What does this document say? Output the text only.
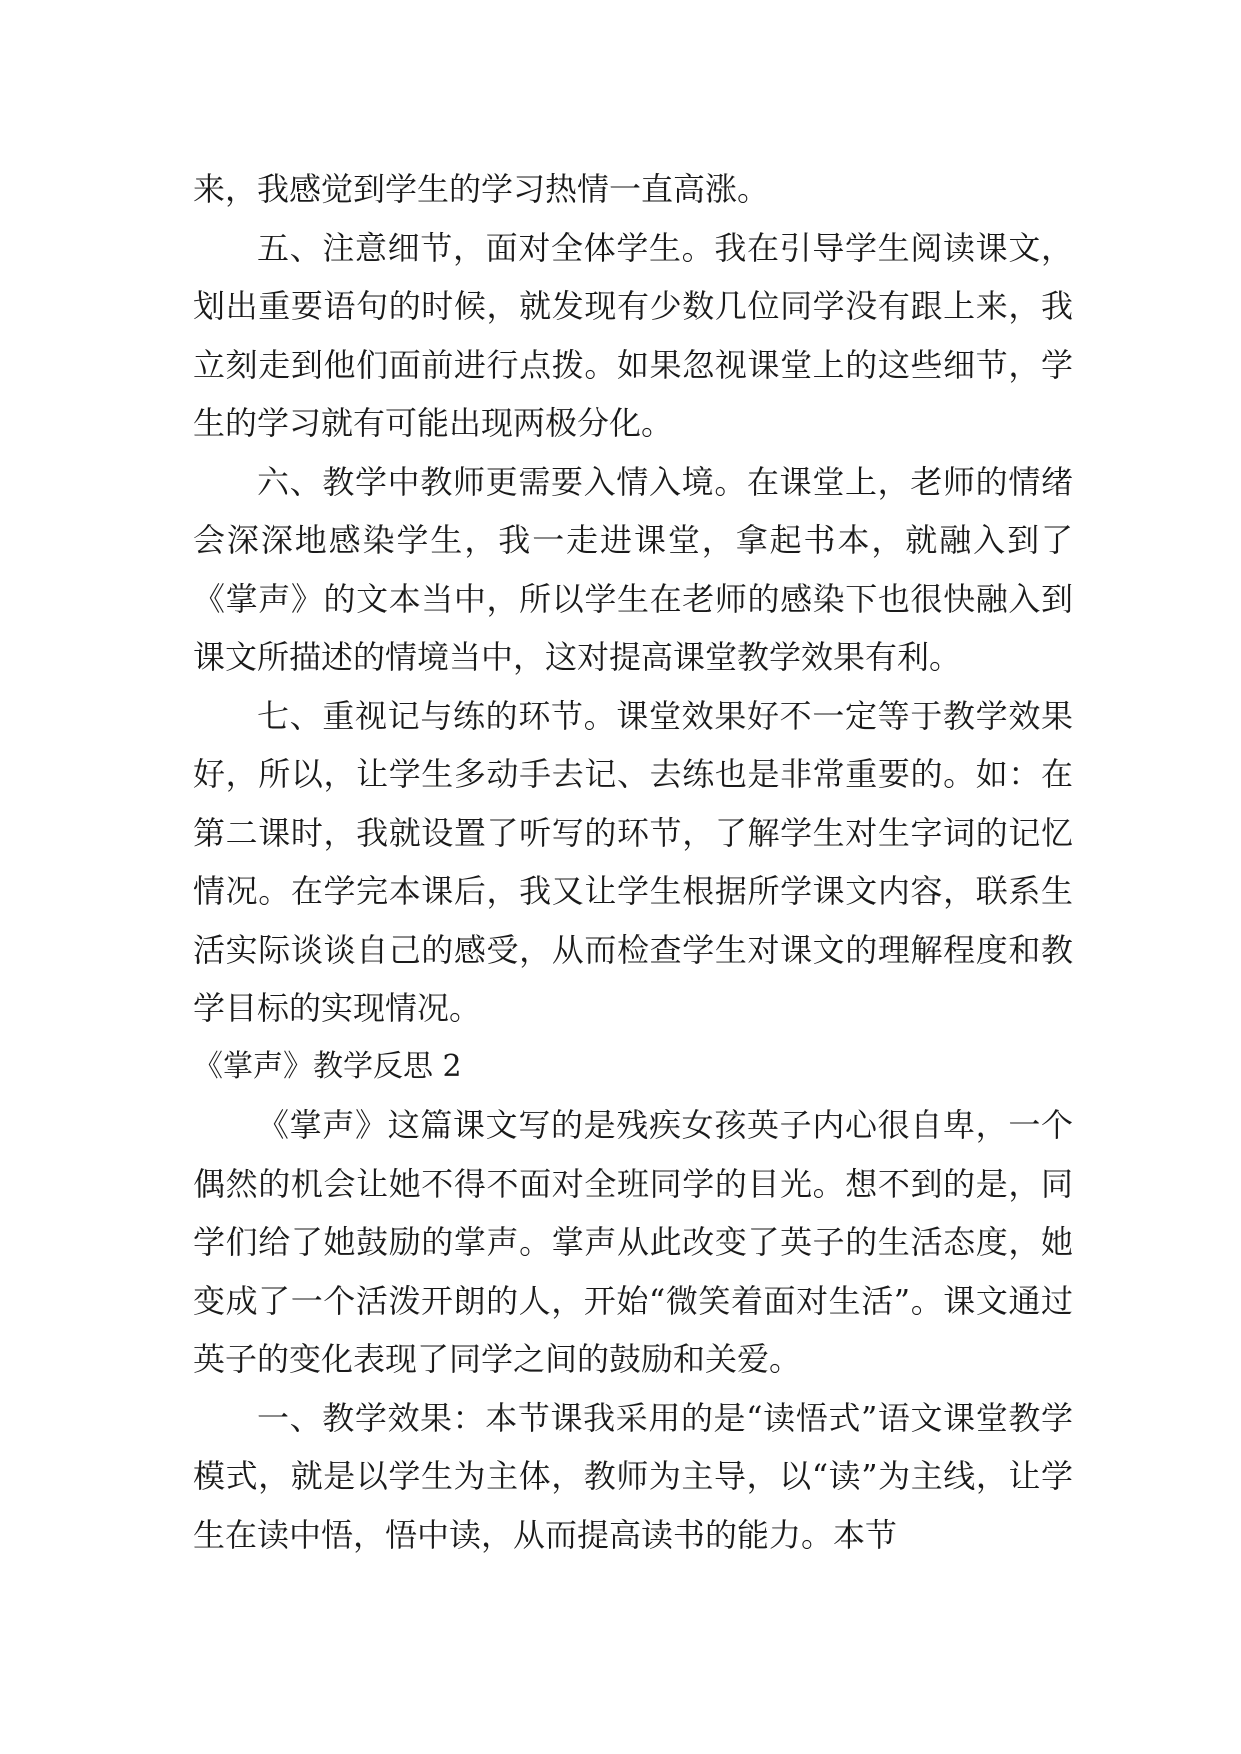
来，我感觉到学生的学习热情一直高涨。

五、注意细节，面对全体学生。我在引导学生阅读课文，划出重要语句的时候，就发现有少数几位同学没有跟上来，我立刻走到他们面前进行点拨。如果忽视课堂上的这些细节，学生的学习就有可能出现两极分化。

六、教学中教师更需要入情入境。在课堂上，老师的情绪会深深地感染学生，我一走进课堂，拿起书本，就融入到了《掌声》的文本当中，所以学生在老师的感染下也很快融入到课文所描述的情境当中，这对提高课堂教学效果有利。

七、重视记与练的环节。课堂效果好不一定等于教学效果好，所以，让学生多动手去记、去练也是非常重要的。如：在第二课时，我就设置了听写的环节，了解学生对生字词的记忆情况。在学完本课后，我又让学生根据所学课文内容，联系生活实际谈谈自己的感受，从而检查学生对课文的理解程度和教学目标的实现情况。

《掌声》教学反思 2

《掌声》这篇课文写的是残疾女孩英子内心很自卑，一个偶然的机会让她不得不面对全班同学的目光。想不到的是，同学们给了她鼓励的掌声。掌声从此改变了英子的生活态度，她变成了一个活泼开朗的人，开始“微笑着面对生活”。课文通过英子的变化表现了同学之间的鼓励和关爱。

一、教学效果：本节课我采用的是“读悟式”语文课堂教学模式，就是以学生为主体，教师为主导，以“读”为主线，让学生在读中悟，悟中读，从而提高读书的能力。本节
